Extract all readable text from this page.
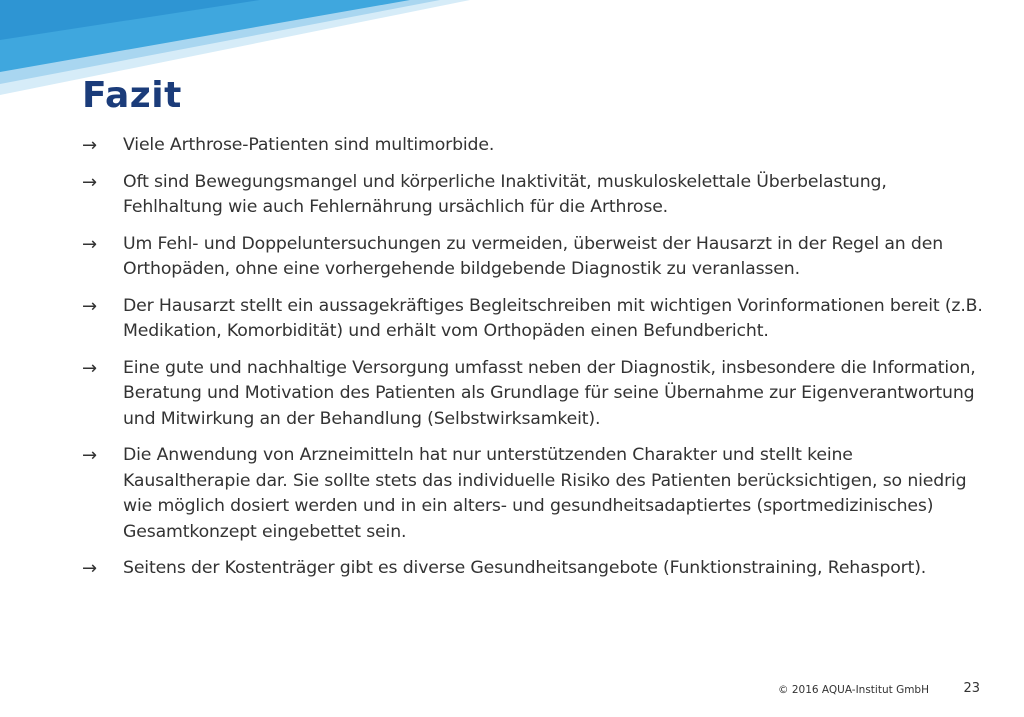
Fazit
→	Viele Arthrose-Patienten sind multimorbide.
→	Oft sind Bewegungsmangel und körperliche Inaktivität, muskuloskelettale Überbelastung, Fehlhaltung wie auch Fehlernährung ursächlich für die Arthrose.
→	Um Fehl- und Doppeluntersuchungen zu vermeiden, überweist der Hausarzt in der Regel an den Orthopäden, ohne eine vorhergehende bildgebende Diagnostik zu veranlassen.
→	Der Hausarzt stellt ein aussagekräftiges Begleitschreiben mit wichtigen Vorinformationen bereit (z.B. Medikation, Komorbidität) und erhält vom Orthopäden einen Befundbericht.
→	Eine gute und nachhaltige Versorgung umfasst neben der Diagnostik, insbesondere die Information, Beratung und Motivation des Patienten als Grundlage für seine Übernahme zur Eigenverantwortung und Mitwirkung an der Behandlung (Selbstwirksamkeit).
→	Die Anwendung von Arzneimitteln hat nur unterstützenden Charakter und stellt keine Kausaltherapie dar. Sie sollte stets das individuelle Risiko des Patienten berücksichtigen, so niedrig wie möglich dosiert werden und in ein alters- und gesundheitsadaptiertes (sportmedizinisches) Gesamtkonzept eingebettet sein.
→	Seitens der Kostenträger gibt es diverse Gesundheitsangebote (Funktionstraining, Rehasport).
© 2016 AQUA-Institut GmbH	23
